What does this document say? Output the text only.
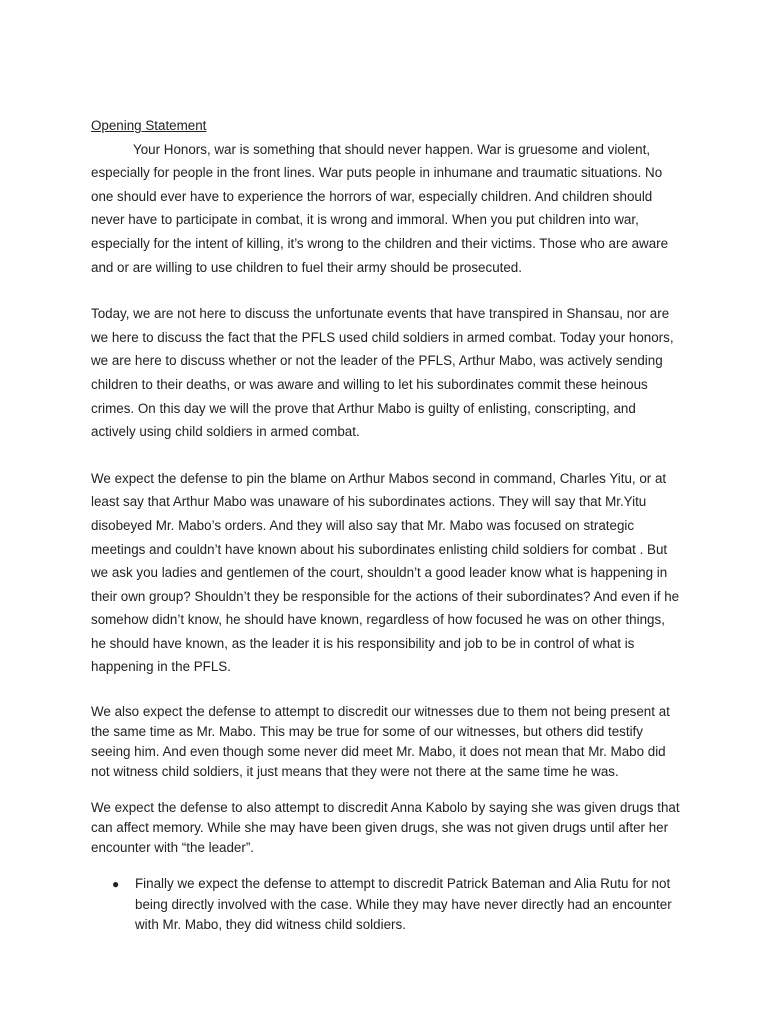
Opening Statement

Your Honors, war is something that should never happen. War is gruesome and violent, especially for people in the front lines. War puts people in inhumane and traumatic situations. No one should ever have to experience the horrors of war, especially children. And children should never have to participate in combat, it is wrong and immoral. When you put children into war, especially for the intent of killing, it’s wrong to the children and their victims. Those who are aware and or are willing to use children to fuel their army should be prosecuted.

Today, we are not here to discuss the unfortunate events that have transpired in Shansau, nor are we here to discuss the fact that the PFLS used child soldiers in armed combat. Today your honors, we are here to discuss whether or not the leader of the PFLS, Arthur Mabo, was actively sending children to their deaths, or was aware and willing to let his subordinates commit these heinous crimes. On this day we will the prove that Arthur Mabo is guilty of enlisting, conscripting, and actively using child soldiers in armed combat.

We expect the defense to pin the blame on Arthur Mabos second in command, Charles Yitu, or at least say that Arthur Mabo was unaware of his subordinates actions. They will say that Mr.Yitu disobeyed Mr. Mabo’s orders. And they will also say that Mr. Mabo was focused on strategic meetings and couldn’t have known about his subordinates enlisting child soldiers for combat . But we ask you ladies and gentlemen of the court, shouldn’t a good leader know what is happening in their own group? Shouldn’t they be responsible for the actions of their subordinates? And even if he somehow didn’t know, he should have known, regardless of how focused he was on other things, he should have known, as the leader it is his responsibility and job to be in control of what is happening in the PFLS.

We also expect the defense to attempt to discredit our witnesses due to them not being present at the same time as Mr. Mabo. This may be true for some of our witnesses, but others did testify seeing him. And even though some never did meet Mr. Mabo, it does not mean that Mr. Mabo did not witness child soldiers, it just means that they were not there at the same time he was.

We expect the defense to also attempt to discredit Anna Kabolo by saying she was given drugs that can affect memory. While she may have been given drugs, she was not given drugs until after her encounter with “the leader”.

● Finally we expect the defense to attempt to discredit Patrick Bateman and Alia Rutu for not being directly involved with the case. While they may have never directly had an encounter with Mr. Mabo, they did witness child soldiers.
